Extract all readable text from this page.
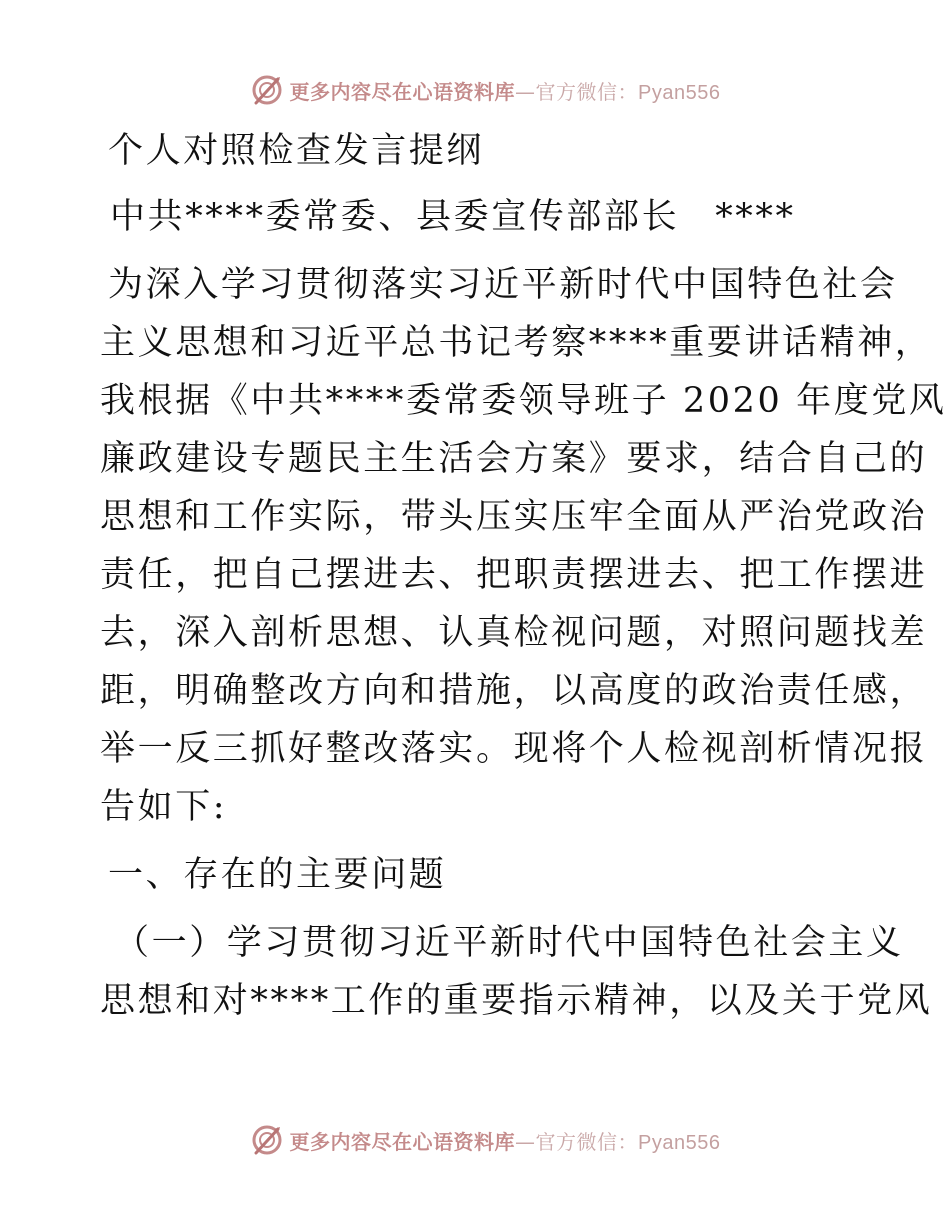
更多内容尽在心语资料库—官方微信：Pyan556
个人对照检查发言提纲
中共****委常委、县委宣传部部长 ****
为深入学习贯彻落实习近平新时代中国特色社会
主义思想和习近平总书记考察****重要讲话精神，
我根据《中共****委常委领导班子 2020 年度党风
廉政建设专题民主生活会方案》要求，结合自己的
思想和工作实际，带头压实压牢全面从严治党政治
责任，把自己摆进去、把职责摆进去、把工作摆进
去，深入剖析思想、认真检视问题，对照问题找差
距，明确整改方向和措施，以高度的政治责任感，
举一反三抓好整改落实。现将个人检视剖析情况报
告如下:
一、存在的主要问题
（一）学习贯彻习近平新时代中国特色社会主义
思想和对****工作的重要指示精神，以及关于党风
更多内容尽在心语资料库—官方微信：Pyan556
